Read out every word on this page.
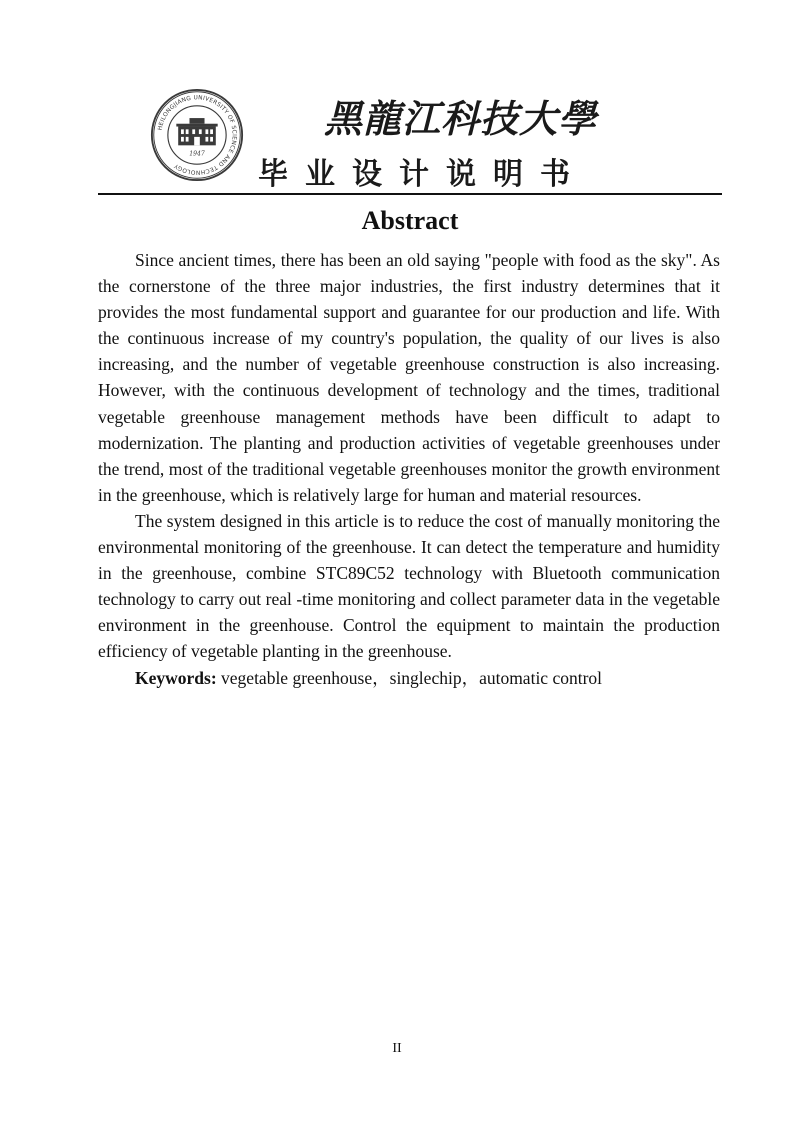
HEILONGJIANG UNIVERSITY OF SCIENCE AND TECHNOLOGY
1947
黑龍江科技大學
毕业设计说明书
Abstract

Since ancient times, there has been an old saying "people with food as the sky". As the cornerstone of the three major industries, the first industry determines that it provides the most fundamental support and guarantee for our production and life. With the continuous increase of my country's population, the quality of our lives is also increasing, and the number of vegetable greenhouse construction is also increasing. However, with the continuous development of technology and the times, traditional vegetable greenhouse management methods have been difficult to adapt to modernization. The planting and production activities of vegetable greenhouses under the trend, most of the traditional vegetable greenhouses monitor the growth environment in the greenhouse, which is relatively large for human and material resources.

The system designed in this article is to reduce the cost of manually monitoring the environmental monitoring of the greenhouse. It can detect the temperature and humidity in the greenhouse, combine STC89C52 technology with Bluetooth communication technology to carry out real -time monitoring and collect parameter data in the vegetable environment in the greenhouse. Control the equipment to maintain the production efficiency of vegetable planting in the greenhouse.

Keywords: vegetable greenhouse，singlechip，automatic control

II
